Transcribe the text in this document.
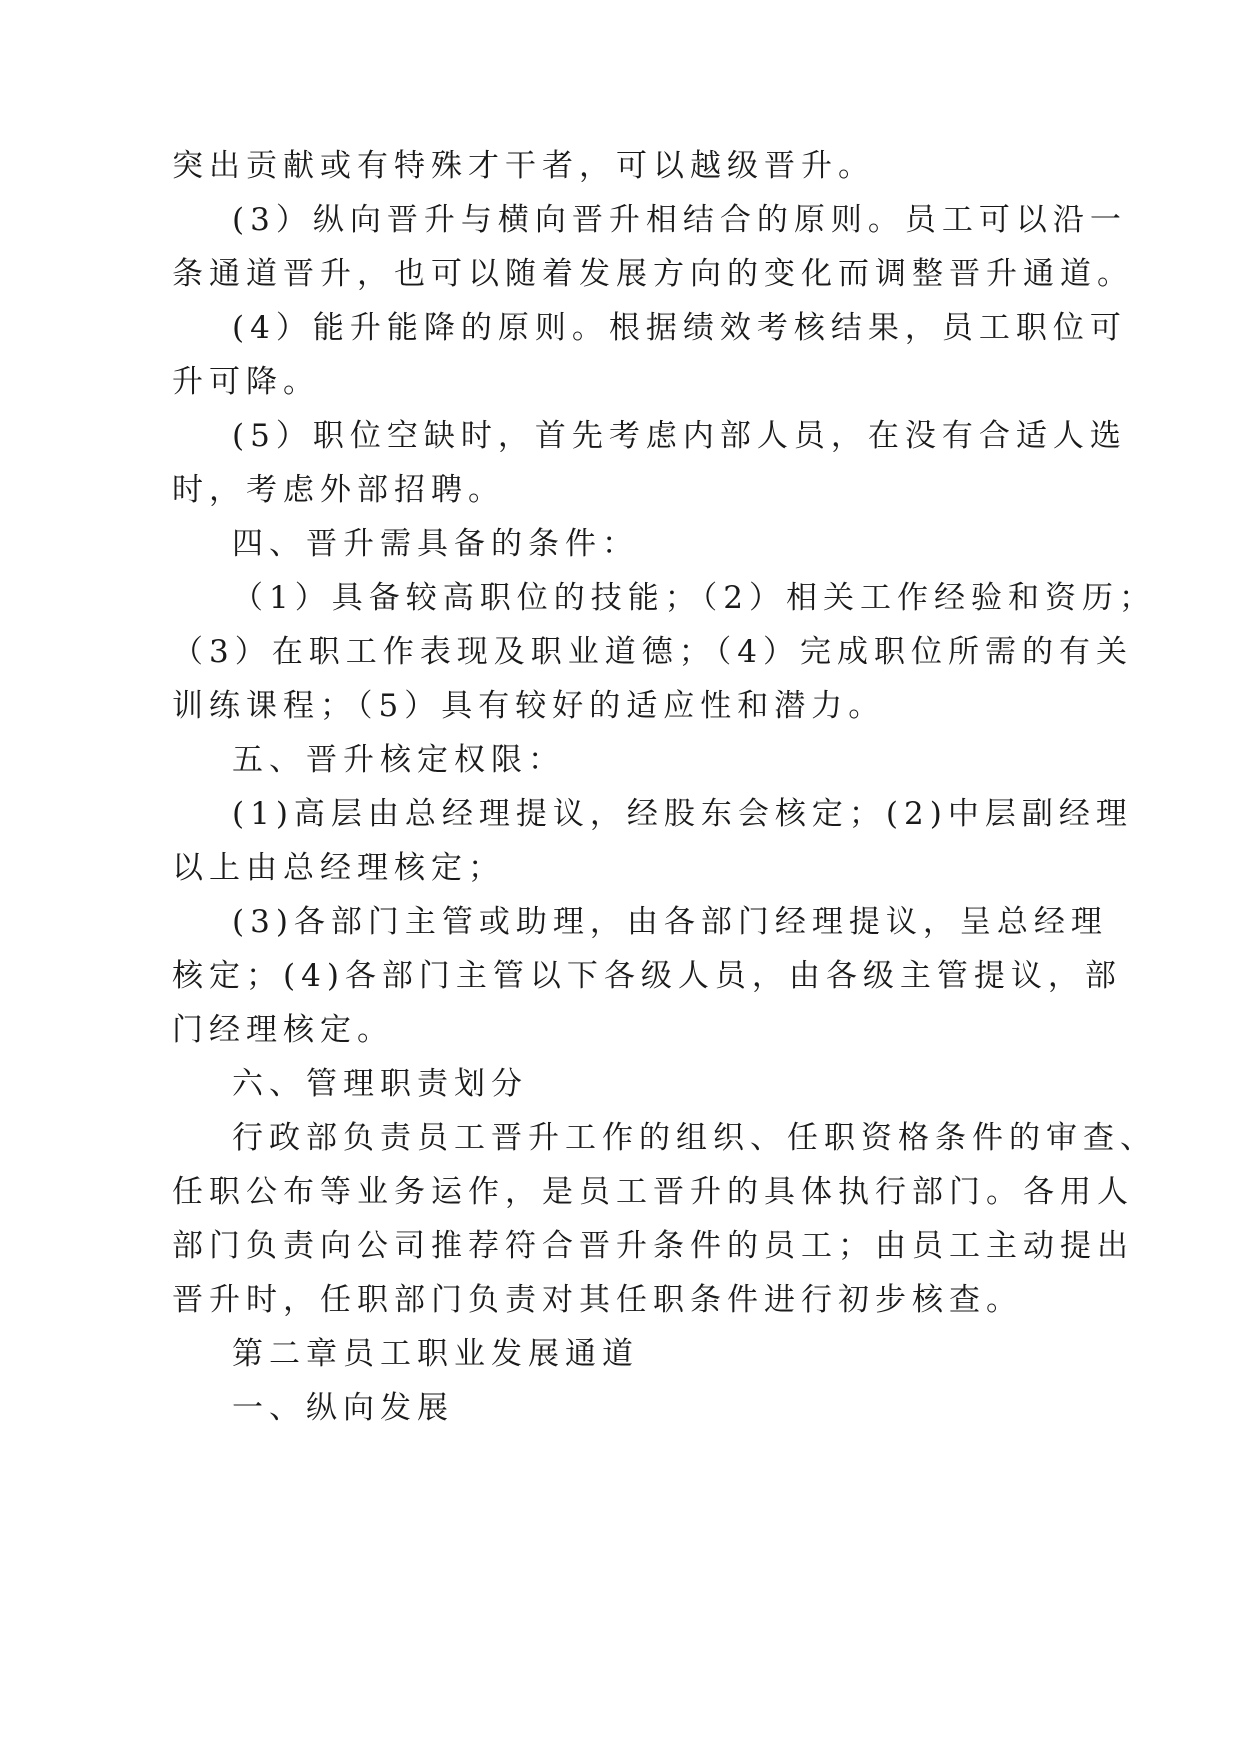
突出贡献或有特殊才干者，可以越级晋升。
(3）纵向晋升与横向晋升相结合的原则。员工可以沿一
条通道晋升，也可以随着发展方向的变化而调整晋升通道。
(4）能升能降的原则。根据绩效考核结果，员工职位可
升可降。
(5）职位空缺时，首先考虑内部人员，在没有合适人选
时，考虑外部招聘。
四、晋升需具备的条件：
（1）具备较高职位的技能；（2）相关工作经验和资历；
（3）在职工作表现及职业道德；（4）完成职位所需的有关
训练课程；（5）具有较好的适应性和潜力。
五、晋升核定权限：
(1)高层由总经理提议，经股东会核定；(2)中层副经理
以上由总经理核定；
(3)各部门主管或助理，由各部门经理提议，呈总经理
核定；(4)各部门主管以下各级人员，由各级主管提议，部
门经理核定。
六、管理职责划分
行政部负责员工晋升工作的组织、任职资格条件的审查、
任职公布等业务运作，是员工晋升的具体执行部门。各用人
部门负责向公司推荐符合晋升条件的员工；由员工主动提出
晋升时，任职部门负责对其任职条件进行初步核查。
第二章员工职业发展通道
一、纵向发展
